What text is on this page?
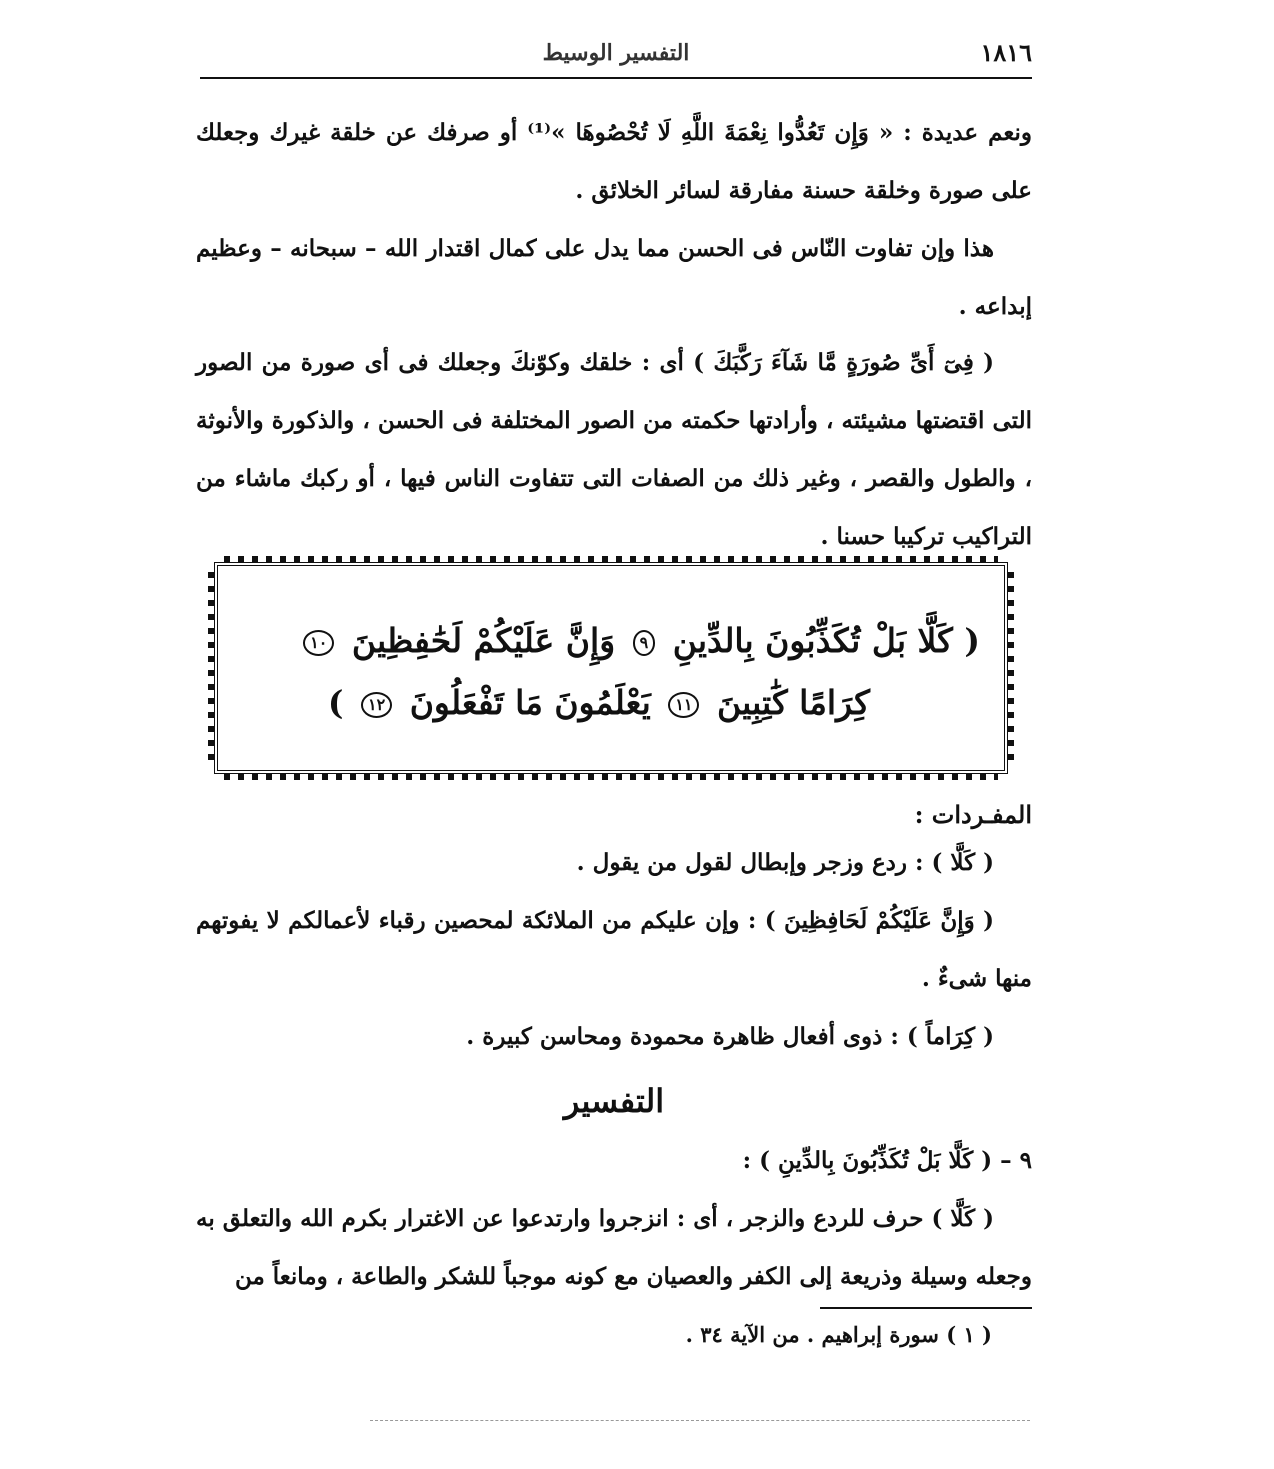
١٨١٦
التفسير الوسيط

ونعم عديدة : « وَإِن تَعُدُّوا نِعْمَةَ اللَّهِ لَا تُحْصُوهَا »⁽¹⁾ أو صرفك عن خلقة غيرك وجعلك على صورة وخلقة حسنة مفارقة لسائر الخلائق .

هذا وإن تفاوت النّاس فى الحسن مما يدل على كمال اقتدار الله – سبحانه – وعظيم إبداعه .

( فِىٓ أَىِّ صُورَةٍ مَّا شَآءَ رَكَّبَكَ ) أى : خلقك وكوّنكَ وجعلك فى أى صورة من الصور التى اقتضتها مشيئته ، وأرادتها حكمته من الصور المختلفة فى الحسن ، والذكورة والأنوثة ، والطول والقصر ، وغير ذلك من الصفات التى تتفاوت الناس فيها ، أو ركبك ماشاء من التراكيب تركيبا حسنا .

( كَلَّا بَلْ تُكَذِّبُونَ بِالدِّينِ ٩ وَإِنَّ عَلَيْكُمْ لَحَٰفِظِينَ ١٠

كِرَامًا كَٰتِبِينَ ١١ يَعْلَمُونَ مَا تَفْعَلُونَ ١٢ )

المفـردات :

( كَلَّا ) : ردع وزجر وإبطال لقول من يقول .

( وَإِنَّ عَلَيْكُمْ لَحَافِظِينَ ) : وإن عليكم من الملائكة لمحصين رقباء لأعمالكم لا يفوتهم منها شىءٌ .

( كِرَاماً ) : ذوى أفعال ظاهرة محمودة ومحاسن كبيرة .

التفسير

٩ – ( كَلَّا بَلْ تُكَذِّبُونَ بِالدِّينِ ) :

( كَلَّا ) حرف للردع والزجر ، أى : انزجروا وارتدعوا عن الاغترار بكرم الله والتعلق به وجعله وسيلة وذريعة إلى الكفر والعصيان مع كونه موجباً للشكر والطاعة ، ومانعاً من

( ١ ) سورة إبراهيم . من الآية ٣٤ .
